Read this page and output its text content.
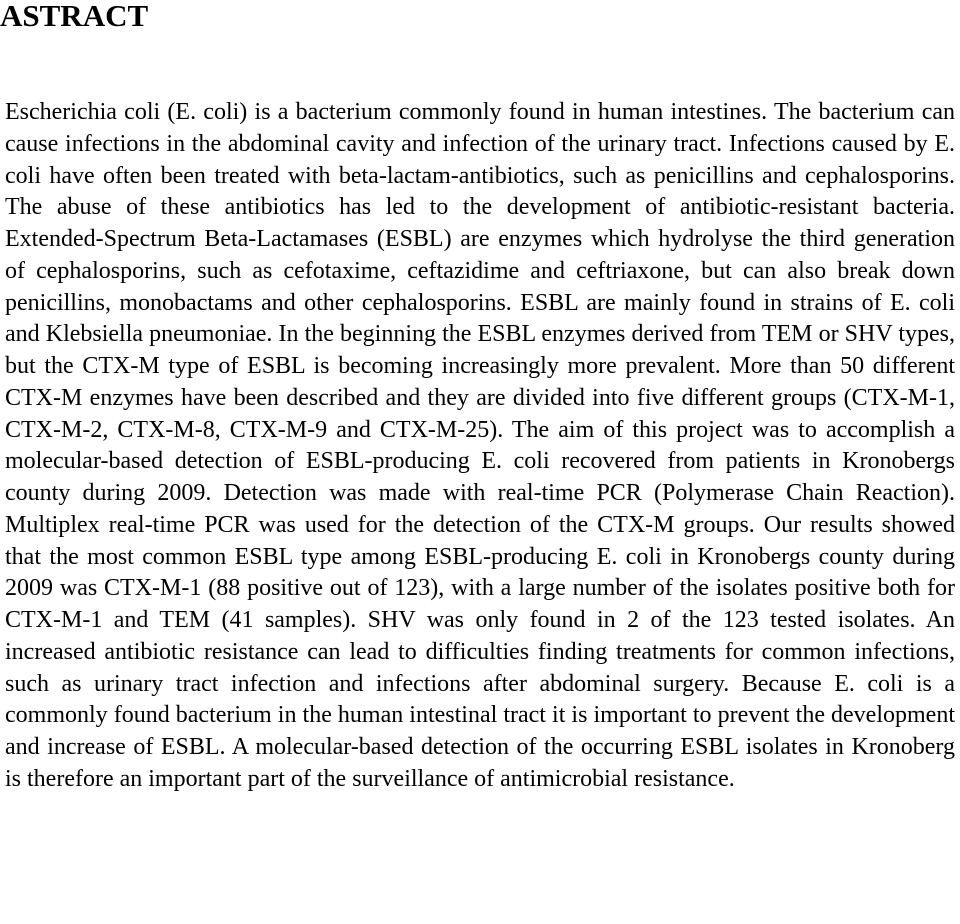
ASTRACT

Escherichia coli (E. coli) is a bacterium commonly found in human intestines. The bacterium can cause infections in the abdominal cavity and infection of the urinary tract. Infections caused by E. coli have often been treated with beta-lactam-antibiotics, such as penicillins and cephalosporins. The abuse of these antibiotics has led to the development of antibiotic-resistant bacteria. Extended-Spectrum Beta-Lactamases (ESBL) are enzymes which hydrolyse the third generation of cephalosporins, such as cefotaxime, ceftazidime and ceftriaxone, but can also break down penicillins, monobactams and other cephalosporins. ESBL are mainly found in strains of E. coli and Klebsiella pneumoniae. In the beginning the ESBL enzymes derived from TEM or SHV types, but the CTX-M type of ESBL is becoming increasingly more prevalent. More than 50 different CTX-M enzymes have been described and they are divided into five different groups (CTX-M-1, CTX-M-2, CTX-M-8, CTX-M-9 and CTX-M-25). The aim of this project was to accomplish a molecular-based detection of ESBL-producing E. coli recovered from patients in Kronobergs county during 2009. Detection was made with real-time PCR (Polymerase Chain Reaction). Multiplex real-time PCR was used for the detection of the CTX-M groups. Our results showed that the most common ESBL type among ESBL-producing E. coli in Kronobergs county during 2009 was CTX-M-1 (88 positive out of 123), with a large number of the isolates positive both for CTX-M-1 and TEM (41 samples). SHV was only found in 2 of the 123 tested isolates. An increased antibiotic resistance can lead to difficulties finding treatments for common infections, such as urinary tract infection and infections after abdominal surgery. Because E. coli is a commonly found bacterium in the human intestinal tract it is important to prevent the development and increase of ESBL. A molecular-based detection of the occurring ESBL isolates in Kronoberg is therefore an important part of the surveillance of antimicrobial resistance.
